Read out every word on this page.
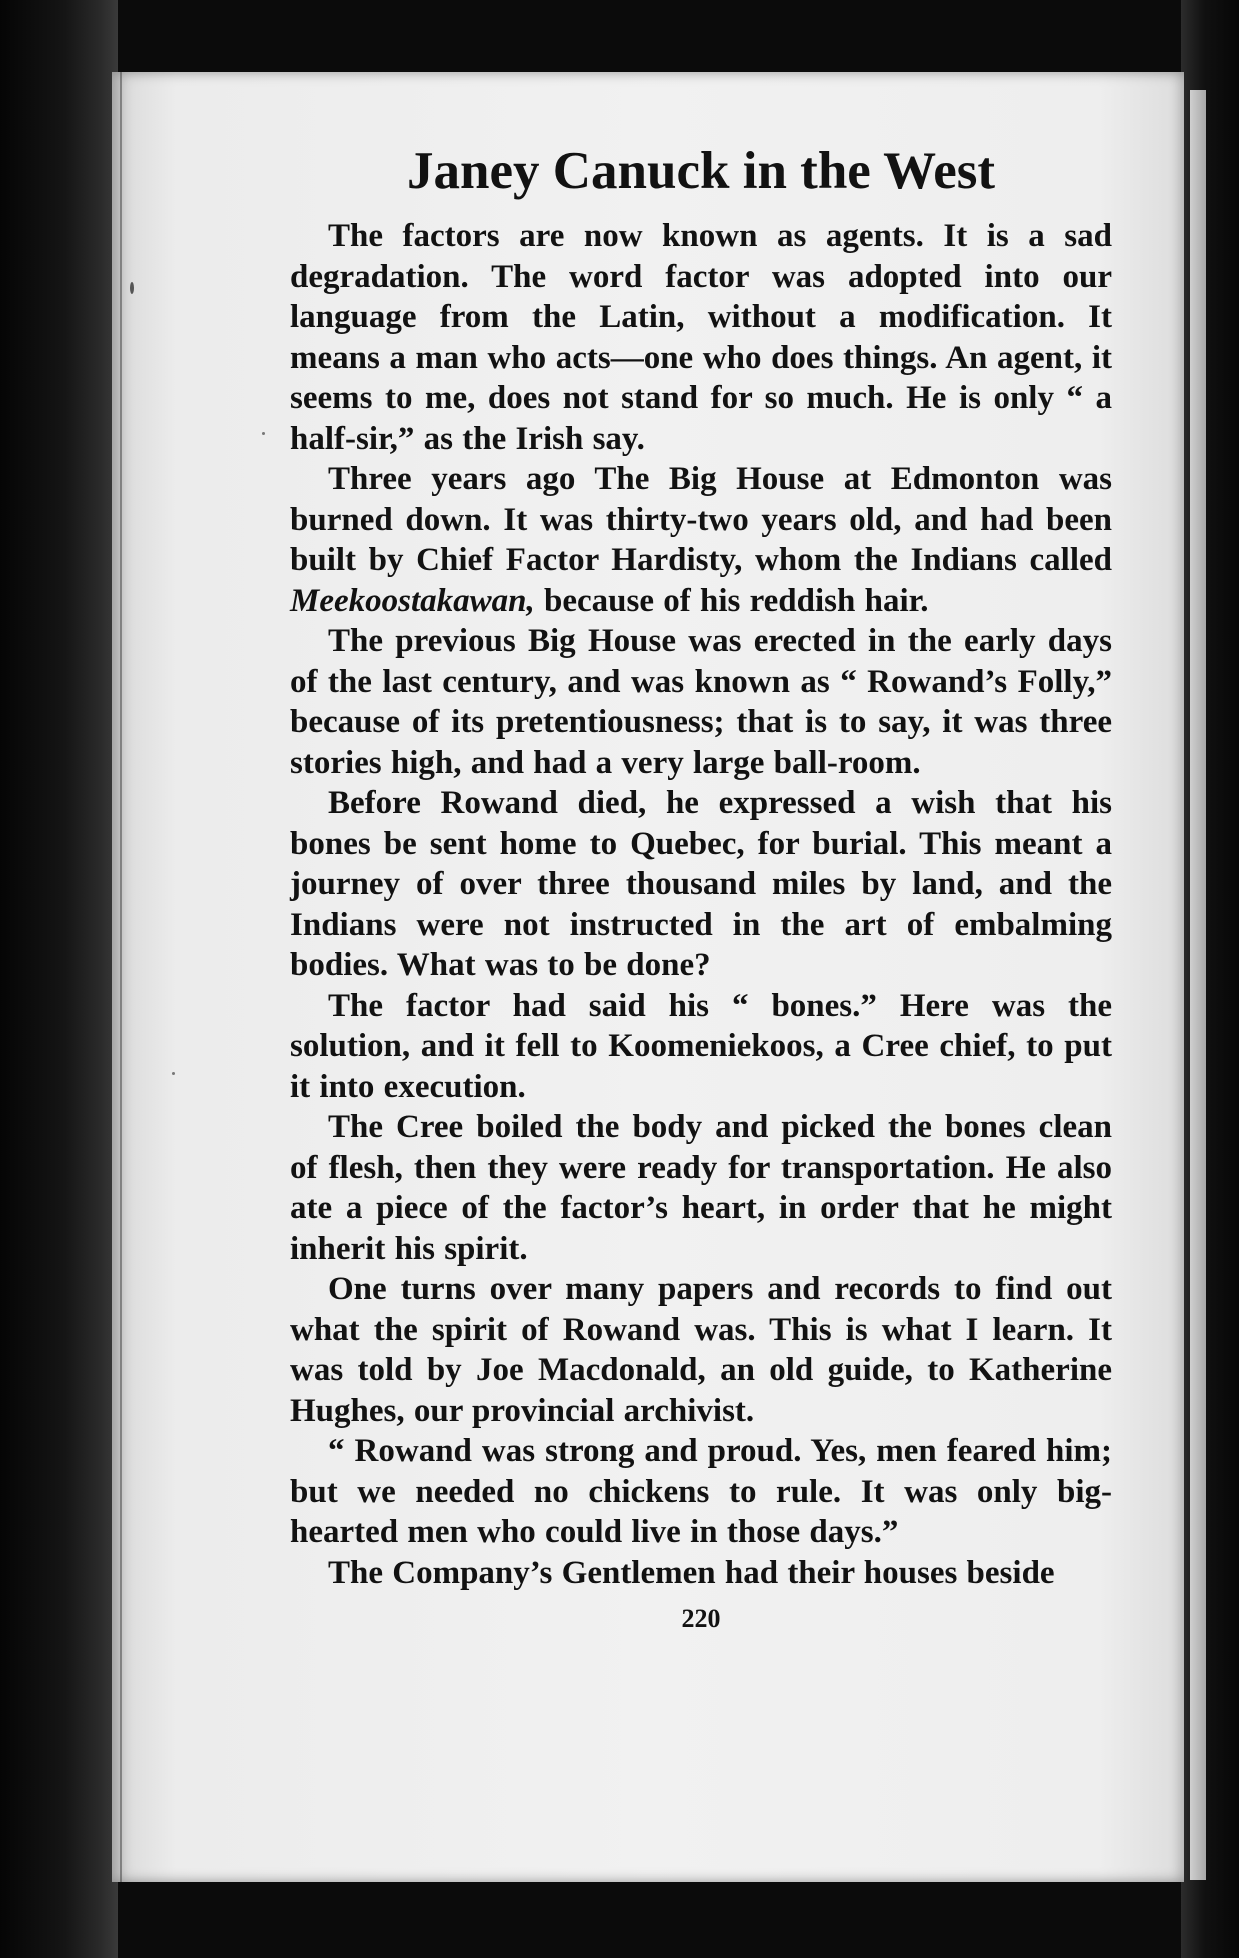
Janey Canuck in the West

The factors are now known as agents. It is a sad degradation. The word factor was adopted into our language from the Latin, without a modification. It means a man who acts—one who does things. An agent, it seems to me, does not stand for so much. He is only “ a half-sir,” as the Irish say.

Three years ago The Big House at Edmonton was burned down. It was thirty-two years old, and had been built by Chief Factor Hardisty, whom the Indians called Meekoostakawan, because of his reddish hair.

The previous Big House was erected in the early days of the last century, and was known as “ Rowand’s Folly,” because of its pretentiousness; that is to say, it was three stories high, and had a very large ball-room.

Before Rowand died, he expressed a wish that his bones be sent home to Quebec, for burial. This meant a journey of over three thousand miles by land, and the Indians were not instructed in the art of embalming bodies. What was to be done?

The factor had said his “ bones.” Here was the solution, and it fell to Koomeniekoos, a Cree chief, to put it into execution.

The Cree boiled the body and picked the bones clean of flesh, then they were ready for transportation. He also ate a piece of the factor’s heart, in order that he might inherit his spirit.

One turns over many papers and records to find out what the spirit of Rowand was. This is what I learn. It was told by Joe Macdonald, an old guide, to Katherine Hughes, our provincial archivist.

“ Rowand was strong and proud. Yes, men feared him; but we needed no chickens to rule. It was only big-hearted men who could live in those days.”

The Company’s Gentlemen had their houses beside

220
